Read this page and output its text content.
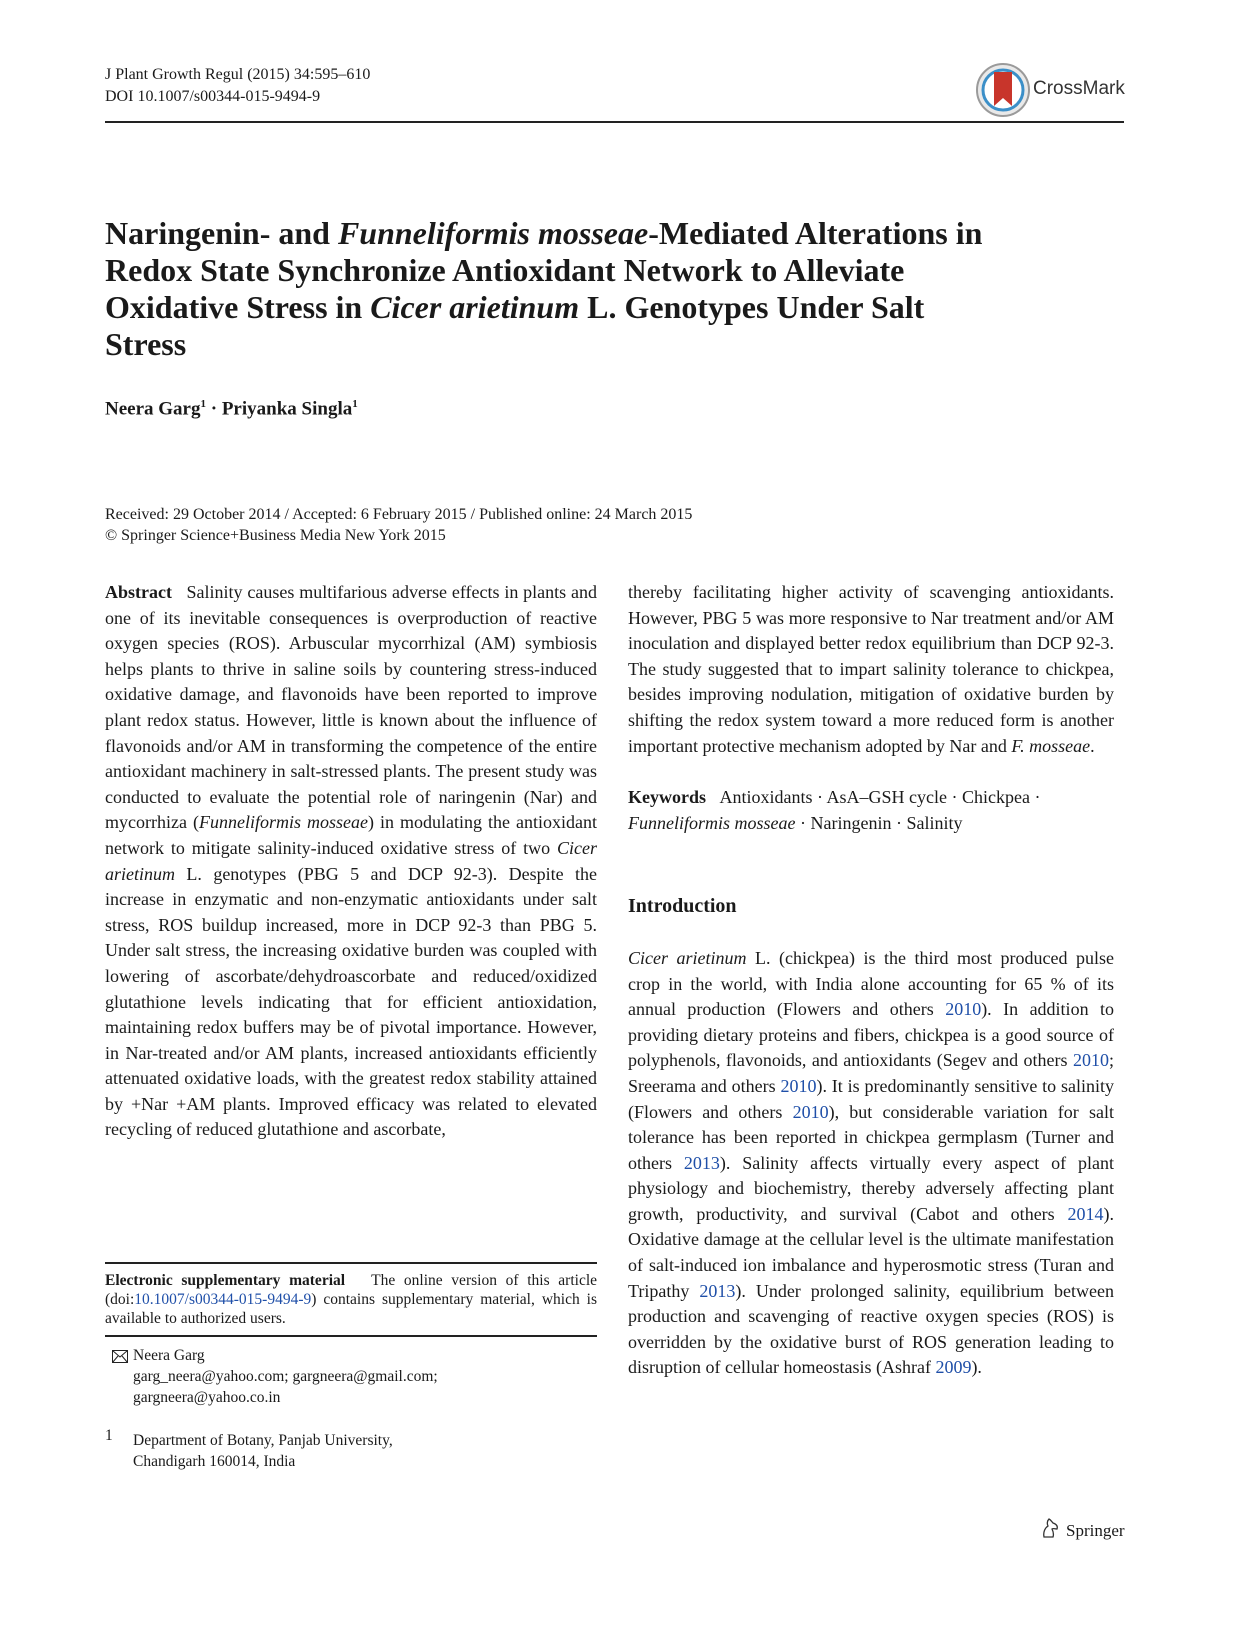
J Plant Growth Regul (2015) 34:595–610
DOI 10.1007/s00344-015-9494-9	CrossMark
Naringenin- and Funneliformis mosseae-Mediated Alterations in Redox State Synchronize Antioxidant Network to Alleviate Oxidative Stress in Cicer arietinum L. Genotypes Under Salt Stress
Neera Garg$^1$ · Priyanka Singla$^1$
Received: 29 October 2014 / Accepted: 6 February 2015 / Published online: 24 March 2015
© Springer Science+Business Media New York 2015

Abstract Salinity causes multifarious adverse effects in plants and one of its inevitable consequences is overproduction of reactive oxygen species (ROS). Arbuscular mycorrhizal (AM) symbiosis helps plants to thrive in saline soils by countering stress-induced oxidative damage, and flavonoids have been reported to improve plant redox status. However, little is known about the influence of flavonoids and/or AM in transforming the competence of the entire antioxidant machinery in salt-stressed plants. The present study was conducted to evaluate the potential role of naringenin (Nar) and mycorrhiza (Funneliformis mosseae) in modulating the antioxidant network to mitigate salinity-induced oxidative stress of two Cicer arietinum L. genotypes (PBG 5 and DCP 92-3). Despite the increase in enzymatic and non-enzymatic antioxidants under salt stress, ROS buildup increased, more in DCP 92-3 than PBG 5. Under salt stress, the increasing oxidative burden was coupled with lowering of ascorbate/dehydroascorbate and reduced/oxidized glutathione levels indicating that for efficient antioxidation, maintaining redox buffers may be of pivotal importance. However, in Nar-treated and/or AM plants, increased antioxidants efficiently attenuated oxidative loads, with the greatest redox stability attained by +Nar +AM plants. Improved efficacy was related to elevated recycling of reduced glutathione and ascorbate,

Electronic supplementary material The online version of this article (doi:10.1007/s00344-015-9494-9) contains supplementary material, which is available to authorized users.
Neera Garg
garg_neera@yahoo.com; gargneera@gmail.com; gargneera@yahoo.co.in
1 Department of Botany, Panjab University, Chandigarh 160014, India

thereby facilitating higher activity of scavenging antioxidants. However, PBG 5 was more responsive to Nar treatment and/or AM inoculation and displayed better redox equilibrium than DCP 92-3. The study suggested that to impart salinity tolerance to chickpea, besides improving nodulation, mitigation of oxidative burden by shifting the redox system toward a more reduced form is another important protective mechanism adopted by Nar and F. mosseae.

Keywords Antioxidants · AsA–GSH cycle · Chickpea · Funneliformis mosseae · Naringenin · Salinity

Introduction

Cicer arietinum L. (chickpea) is the third most produced pulse crop in the world, with India alone accounting for 65 % of its annual production (Flowers and others 2010). In addition to providing dietary proteins and fibers, chickpea is a good source of polyphenols, flavonoids, and antioxidants (Segev and others 2010; Sreerama and others 2010). It is predominantly sensitive to salinity (Flowers and others 2010), but considerable variation for salt tolerance has been reported in chickpea germplasm (Turner and others 2013). Salinity affects virtually every aspect of plant physiology and biochemistry, thereby adversely affecting plant growth, productivity, and survival (Cabot and others 2014). Oxidative damage at the cellular level is the ultimate manifestation of salt-induced ion imbalance and hyperosmotic stress (Turan and Tripathy 2013). Under prolonged salinity, equilibrium between production and scavenging of reactive oxygen species (ROS) is overridden by the oxidative burst of ROS generation leading to disruption of cellular homeostasis (Ashraf 2009).

Springer
